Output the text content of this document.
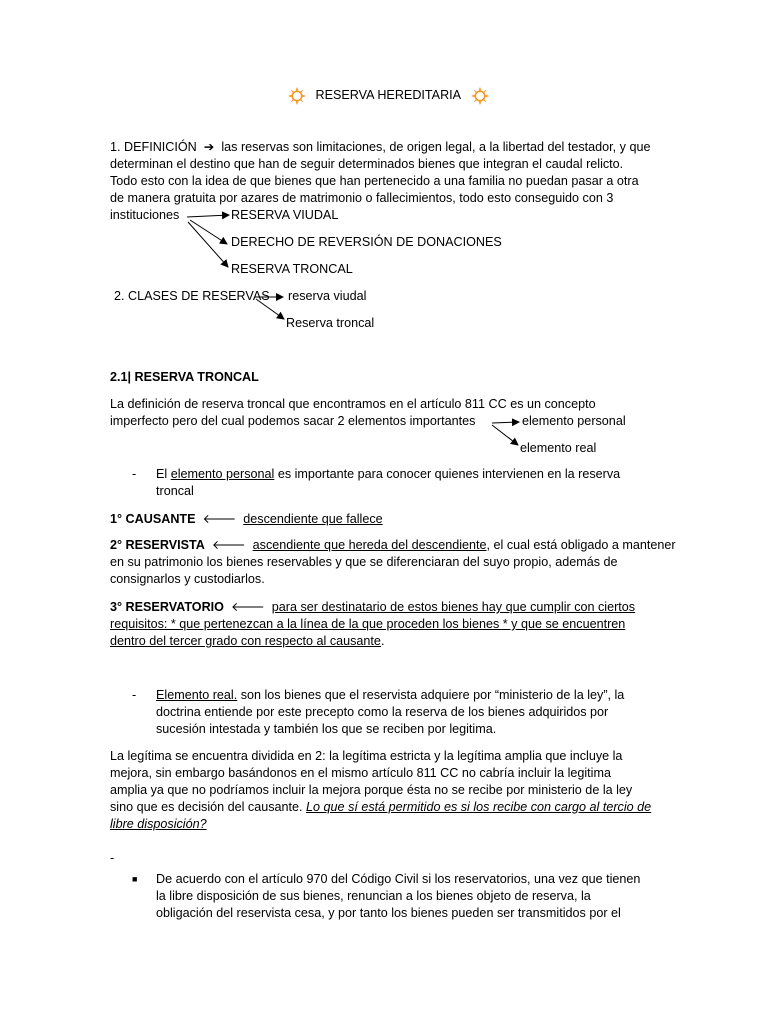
RESERVA HEREDITARIA
1. DEFINICIÓN  ➔  las reservas son limitaciones, de origen legal, a la libertad del testador, y que
determinan el destino que han de seguir determinados bienes que integran el caudal relicto.
Todo esto con la idea de que bienes que han pertenecido a una familia no puedan pasar a otra
de manera gratuita por azares de matrimonio o fallecimientos, todo esto conseguido con 3
instituciones	RESERVA VIUDAL
DERECHO DE REVERSIÓN DE DONACIONES
RESERVA TRONCAL
2. CLASES DE RESERVAS reserva viudal
Reserva troncal
2.1| RESERVA TRONCAL
La definición de reserva troncal que encontramos en el artículo 811 CC es un concepto
imperfecto pero del cual podemos sacar 2 elementos importantes	elemento personal
elemento real
- El elemento personal es importante para conocer quienes intervienen en la reserva
troncal
1° CAUSANTE  🡐  descendiente que fallece
2° RESERVISTA  🡐  ascendiente que hereda del descendiente, el cual está obligado a mantener
en su patrimonio los bienes reservables y que se diferenciaran del suyo propio, además de
consignarlos y custodiarlos.
3° RESERVATORIO  🡐  para ser destinatario de estos bienes hay que cumplir con ciertos
requisitos: * que pertenezcan a la línea de la que proceden los bienes * y que se encuentren
dentro del tercer grado con respecto al causante.
- Elemento real. son los bienes que el reservista adquiere por “ministerio de la ley”, la
doctrina entiende por este precepto como la reserva de los bienes adquiridos por
sucesión intestada y también los que se reciben por legitima.
La legítima se encuentra dividida en 2: la legítima estricta y la legítima amplia que incluye la
mejora, sin embargo basándonos en el mismo artículo 811 CC no cabría incluir la legitima
amplia ya que no podríamos incluir la mejora porque ésta no se recibe por ministerio de la ley
sino que es decisión del causante. Lo que sí está permitido es si los recibe con cargo al tercio de
libre disposición?
-
■ De acuerdo con el artículo 970 del Código Civil si los reservatorios, una vez que tienen
la libre disposición de sus bienes, renuncian a los bienes objeto de reserva, la
obligación del reservista cesa, y por tanto los bienes pueden ser transmitidos por el
